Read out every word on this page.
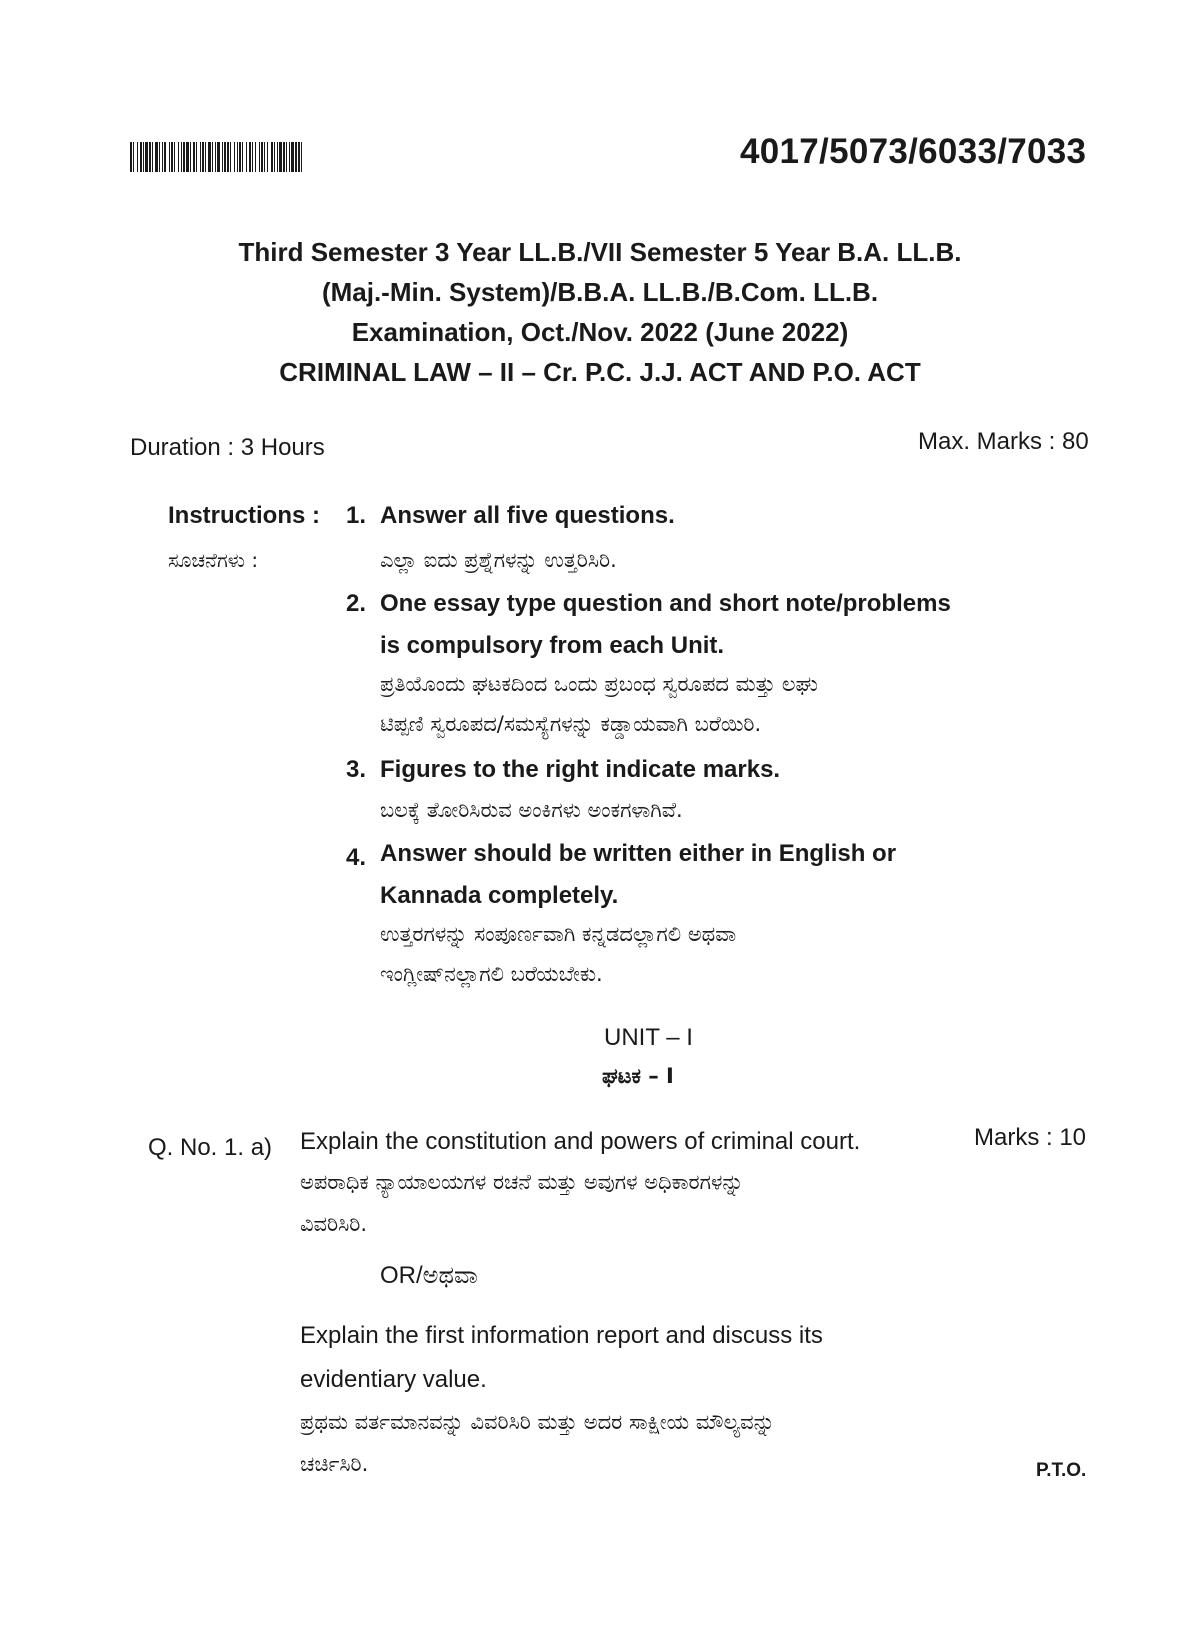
4017/5073/6033/7033
Third Semester 3 Year LL.B./VII Semester 5 Year B.A. LL.B.
(Maj.-Min. System)/B.B.A. LL.B./B.Com. LL.B.
Examination, Oct./Nov. 2022 (June 2022)
CRIMINAL LAW – II – Cr. P.C. J.J. ACT AND P.O. ACT
Duration : 3 Hours	Max. Marks : 80
Instructions :
ಸೂಚನೆಗಳು :
1. Answer all five questions.
ಎಲ್ಲಾ ಐದು ಪ್ರಶ್ನೆಗಳನ್ನು ಉತ್ತರಿಸಿರಿ.
2. One essay type question and short note/problems
is compulsory from each Unit.
ಪ್ರತಿಯೊಂದು ಘಟಕದಿಂದ ಒಂದು ಪ್ರಬಂಧ ಸ್ವರೂಪದ ಮತ್ತು ಲಘು
ಟಿಪ್ಪಣಿ ಸ್ವರೂಪದ/ಸಮಸ್ಯೆಗಳನ್ನು ಕಡ್ಡಾಯವಾಗಿ ಬರೆಯಿರಿ.
3. Figures to the right indicate marks.
ಬಲಕ್ಕೆ ತೋರಿಸಿರುವ ಅಂಕಿಗಳು ಅಂಕಗಳಾಗಿವೆ.
4. Answer should be written either in English or
Kannada completely.
ಉತ್ತರಗಳನ್ನು ಸಂಪೂರ್ಣವಾಗಿ ಕನ್ನಡದಲ್ಲಾಗಲಿ ಅಥವಾ
ಇಂಗ್ಲೀಷ್‌ನಲ್ಲಾಗಲಿ ಬರೆಯಬೇಕು.
UNIT – I
ಘಟಕ – I
Q. No. 1. a) Explain the constitution and powers of criminal court.	Marks : 10
ಅಪರಾಧಿಕ ನ್ಯಾಯಾಲಯಗಳ ರಚನೆ ಮತ್ತು ಅವುಗಳ ಅಧಿಕಾರಗಳನ್ನು
ವಿವರಿಸಿರಿ.
OR/ಅಥವಾ
Explain the first information report and discuss its
evidentiary value.
ಪ್ರಥಮ ವರ್ತಮಾನವನ್ನು ವಿವರಿಸಿರಿ ಮತ್ತು ಅದರ ಸಾಕ್ಷೀಯ ಮೌಲ್ಯವನ್ನು
ಚರ್ಚಿಸಿರಿ.	P.T.O.
